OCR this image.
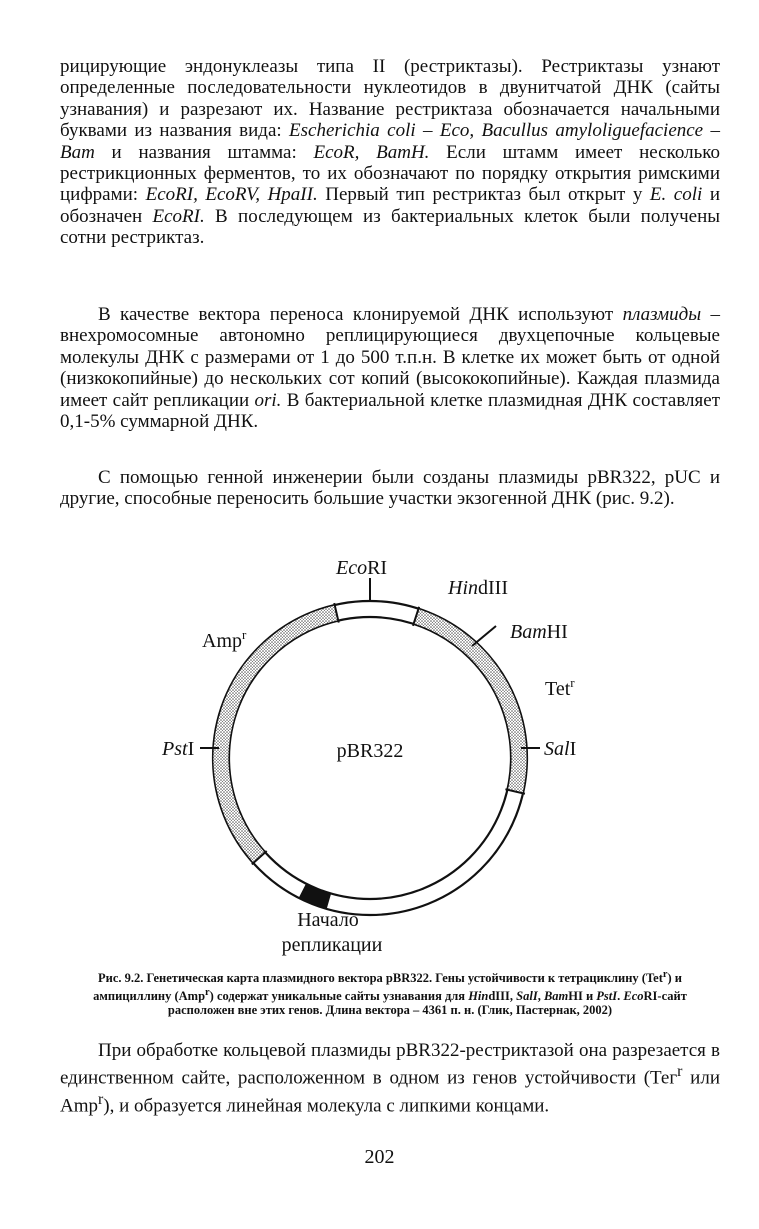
рицирующие эндонуклеазы типа II (рестриктазы). Рестриктазы узнают определенные последовательности нуклеотидов в двунитчатой ДНК (сайты узнавания) и разрезают их. Название рестриктаза обозначается начальными буквами из названия вида: Escherichia coli – Eco, Bacullus amyloliguefacience – Bam и названия штамма: EcoR, BamH. Если штамм имеет несколько рестрикционных ферментов, то их обозначают по порядку открытия римскими цифрами: EcoRI, EcoRV, HpaII. Первый тип рестриктаз был открыт у E. coli и обозначен EcoRI. В последующем из бактериальных клеток были получены сотни рестриктаз.

В качестве вектора переноса клонируемой ДНК используют плазмиды – внехромосомные автономно реплицирующиеся двухцепочные кольцевые молекулы ДНК с размерами от 1 до 500 т.п.н. В клетке их может быть от одной (низкокопийные) до нескольких сот копий (высококопийные). Каждая плазмида имеет сайт репликации ori. В бактериальной клетке плазмидная ДНК составляет 0,1-5% суммарной ДНК.

С помощью генной инженерии были созданы плазмиды pBR322, pUC и другие, способные переносить большие участки экзогенной ДНК (рис. 9.2).

EcoRI
HindIII
BamHI
Tet$^r$
SalI
Amp$^r$
PstI	pBR322
Начало
репликации

Рис. 9.2. Генетическая карта плазмидного вектора pBR322. Гены устойчивости к тетрациклину (Tet$^r$) и ампициллину (Amp$^r$) содержат уникальные сайты узнавания для HindIII, SalI, BamHI и PstI. EcoRI-сайт расположен вне этих генов. Длина вектора – 4361 п. н. (Глик, Пастернак, 2002)

При обработке кольцевой плазмиды pBR322-рестриктазой она разрезается в единственном сайте, расположенном в одном из генов устойчивости (Тег$^r$ или Amp$^r$), и образуется линейная молекула с липкими концами.

202
